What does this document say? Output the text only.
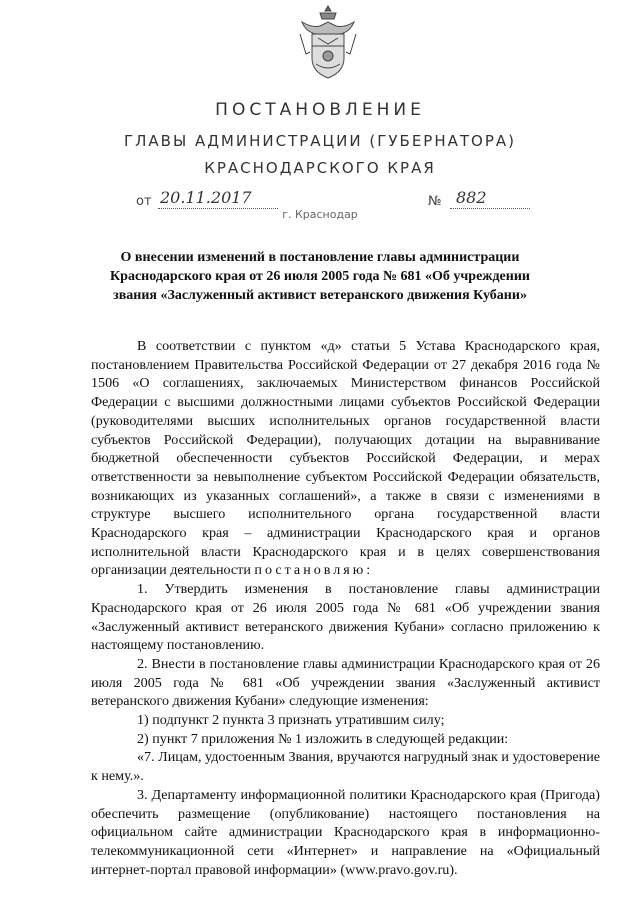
ПОСТАНОВЛЕНИЕ
ГЛАВЫ АДМИНИСТРАЦИИ (ГУБЕРНАТОРА)
КРАСНОДАРСКОГО КРАЯ
от 20.11.2017	№ 882
г. Краснодар
О внесении изменений в постановление главы администрации Краснодарского края от 26 июля 2005 года № 681 «Об учреждении звания «Заслуженный активист ветеранского движения Кубани»

В соответствии с пунктом «д» статьи 5 Устава Краснодарского края, постановлением Правительства Российской Федерации от 27 декабря 2016 года № 1506 «О соглашениях, заключаемых Министерством финансов Российской Федерации с высшими должностными лицами субъектов Российской Федерации (руководителями высших исполнительных органов государственной власти субъектов Российской Федерации), получающих дотации на выравнивание бюджетной обеспеченности субъектов Российской Федерации, и мерах ответственности за невыполнение субъектом Российской Федерации обязательств, возникающих из указанных соглашений», а также в связи с изменениями в структуре высшего исполнительного органа государственной власти Краснодарского края – администрации Краснодарского края и органов исполнительной власти Краснодарского края и в целях совершенствования организации деятельности постановляю:

1. Утвердить изменения в постановление главы администрации Краснодарского края от 26 июля 2005 года № 681 «Об учреждении звания «Заслуженный активист ветеранского движения Кубани» согласно приложению к настоящему постановлению.

2. Внести в постановление главы администрации Краснодарского края от 26 июля 2005 года № 681 «Об учреждении звания «Заслуженный активист ветеранского движения Кубани» следующие изменения:

1) подпункт 2 пункта 3 признать утратившим силу;

2) пункт 7 приложения № 1 изложить в следующей редакции:

«7. Лицам, удостоенным Звания, вручаются нагрудный знак и удостоверение к нему.».

3. Департаменту информационной политики Краснодарского края (Пригода) обеспечить размещение (опубликование) настоящего постановления на официальном сайте администрации Краснодарского края в информационно-телекоммуникационной сети «Интернет» и направление на «Официальный интернет-портал правовой информации» (www.pravo.gov.ru).
